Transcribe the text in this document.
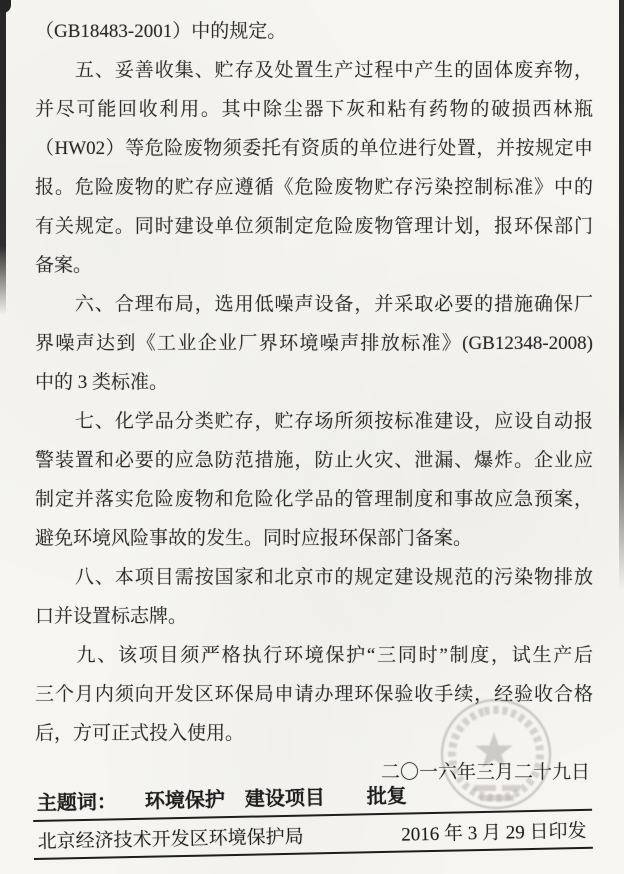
（GB18483-2001）中的规定。
　　五、妥善收集、贮存及处置生产过程中产生的固体废弃物，
并尽可能回收利用。其中除尘器下灰和粘有药物的破损西林瓶
（HW02）等危险废物须委托有资质的单位进行处置，并按规定申
报。危险废物的贮存应遵循《危险废物贮存污染控制标准》中的
有关规定。同时建设单位须制定危险废物管理计划，报环保部门
备案。
　　六、合理布局，选用低噪声设备，并采取必要的措施确保厂
界噪声达到《工业企业厂界环境噪声排放标准》(GB12348-2008)
中的 3 类标准。
　　七、化学品分类贮存，贮存场所须按标准建设，应设自动报
警装置和必要的应急防范措施，防止火灾、泄漏、爆炸。企业应
制定并落实危险废物和危险化学品的管理制度和事故应急预案，
避免环境风险事故的发生。同时应报环保部门备案。
　　八、本项目需按国家和北京市的规定建设规范的污染物排放
口并设置标志牌。
　　九、该项目须严格执行环境保护“三同时”制度，试生产后
三个月内须向开发区环保局申请办理环保验收手续，经验收合格
后，方可正式投入使用。
二〇一六年三月二十九日
主题词： 环境保护 建设项目 批复
北京经济技术开发区环境保护局	2016 年 3 月 29 日印发
